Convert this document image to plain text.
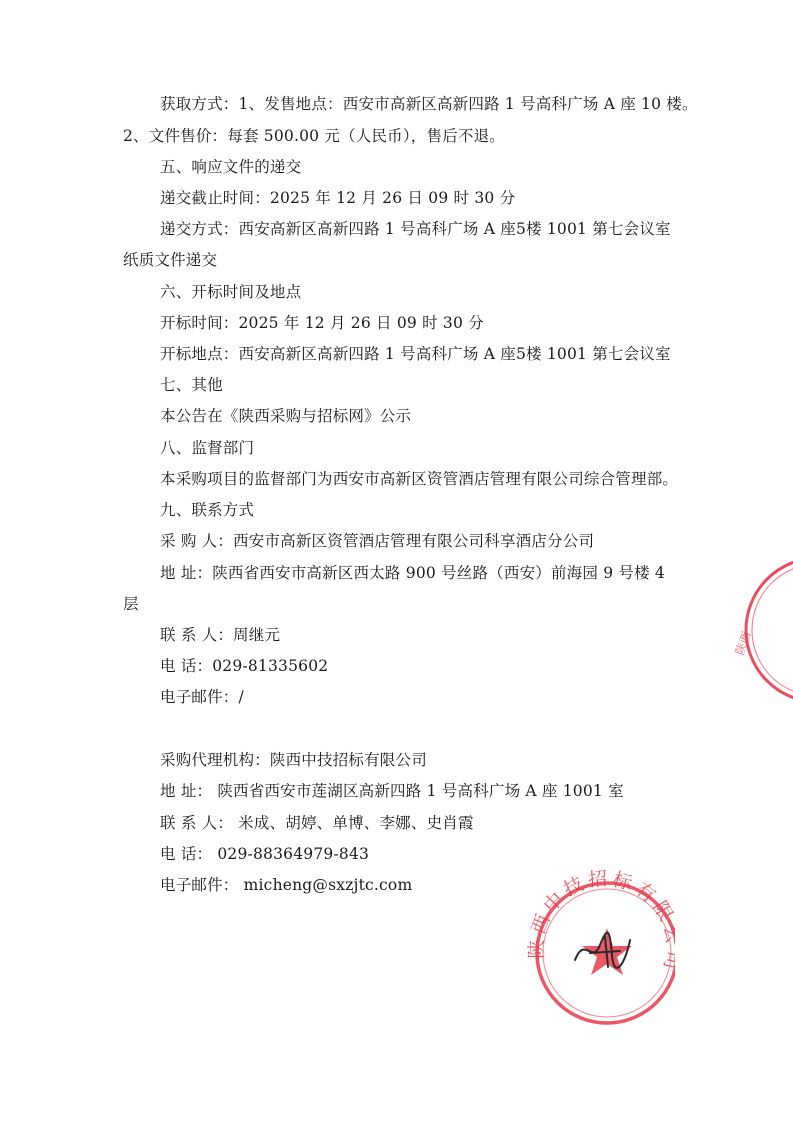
获取方式：1、发售地点：西安市高新区高新四路 1 号高科广场 A 座 10 楼。
2、文件售价：每套 500.00 元（人民币），售后不退。
五、响应文件的递交
递交截止时间：2025 年 12 月 26 日 09 时 30 分
递交方式：西安高新区高新四路 1 号高科广场 A 座5楼 1001 第七会议室
纸质文件递交
六、开标时间及地点
开标时间：2025 年 12 月 26 日 09 时 30 分
开标地点：西安高新区高新四路 1 号高科广场 A 座5楼 1001 第七会议室
七、其他
本公告在《陕西采购与招标网》公示
八、监督部门
本采购项目的监督部门为西安市高新区资管酒店管理有限公司综合管理部。
九、联系方式
采 购 人：西安市高新区资管酒店管理有限公司科享酒店分公司
地 址：陕西省西安市高新区西太路 900 号丝路（西安）前海园 9 号楼 4
层
联 系 人：周继元
电 话：029-81335602
电子邮件：/
采购代理机构：陕西中技招标有限公司
地 址： 陕西省西安市莲湖区高新四路 1 号高科广场 A 座 1001 室
联 系 人： 米成、胡婷、单博、李娜、史肖霞
电 话： 029-88364979-843
电子邮件： micheng@sxzjtc.com
陕西
陕西中技招标有
